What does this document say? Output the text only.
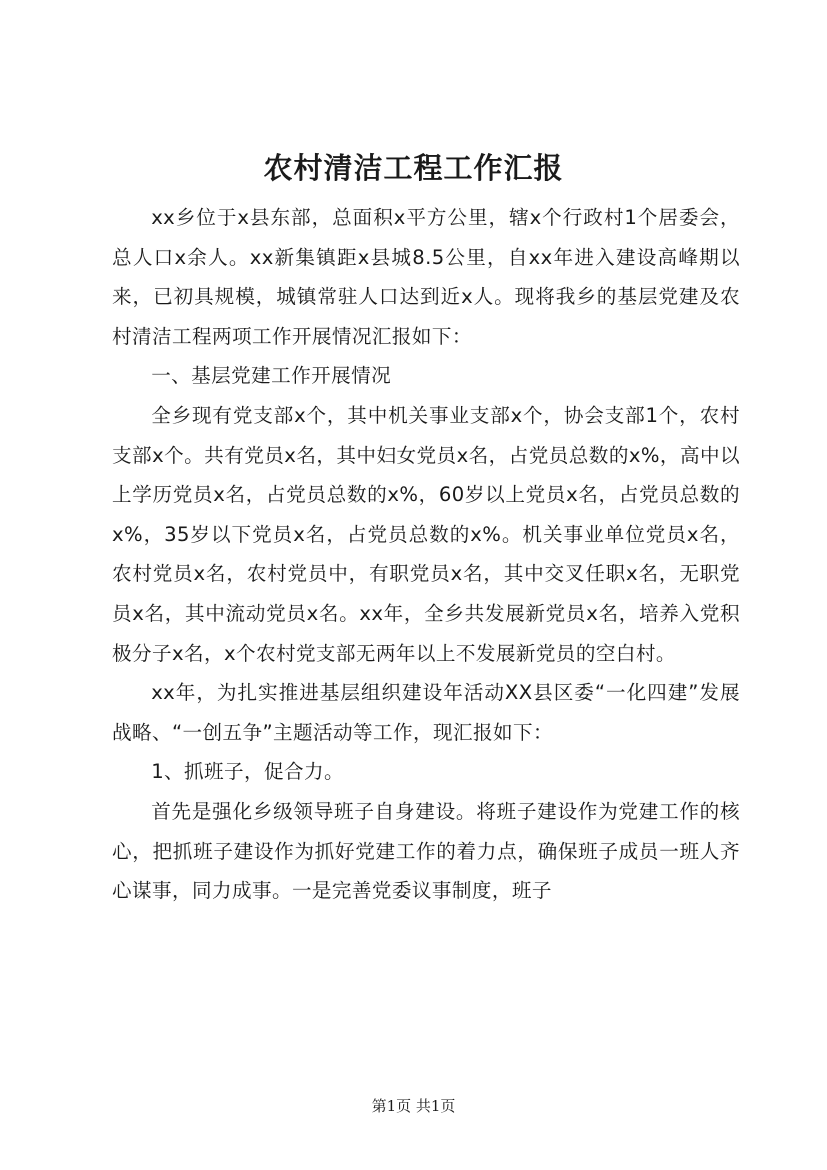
农村清洁工程工作汇报

xx乡位于x县东部，总面积x平方公里，辖x个行政村1个居委会，总人口x余人。xx新集镇距x县城8.5公里，自xx年进入建设高峰期以来，已初具规模，城镇常驻人口达到近x人。现将我乡的基层党建及农村清洁工程两项工作开展情况汇报如下：

一、基层党建工作开展情况

全乡现有党支部x个，其中机关事业支部x个，协会支部1个，农村支部x个。共有党员x名，其中妇女党员x名，占党员总数的x%，高中以上学历党员x名，占党员总数的x%，60岁以上党员x名，占党员总数的x%，35岁以下党员x名，占党员总数的x%。机关事业单位党员x名，农村党员x名，农村党员中，有职党员x名，其中交叉任职x名，无职党员x名，其中流动党员x名。xx年，全乡共发展新党员x名，培养入党积极分子x名，x个农村党支部无两年以上不发展新党员的空白村。

xx年，为扎实推进基层组织建设年活动XX县区委“一化四建”发展战略、“一创五争”主题活动等工作，现汇报如下：

1、抓班子，促合力。

首先是强化乡级领导班子自身建设。将班子建设作为党建工作的核心，把抓班子建设作为抓好党建工作的着力点，确保班子成员一班人齐心谋事，同力成事。一是完善党委议事制度，班子

第1页 共1页
